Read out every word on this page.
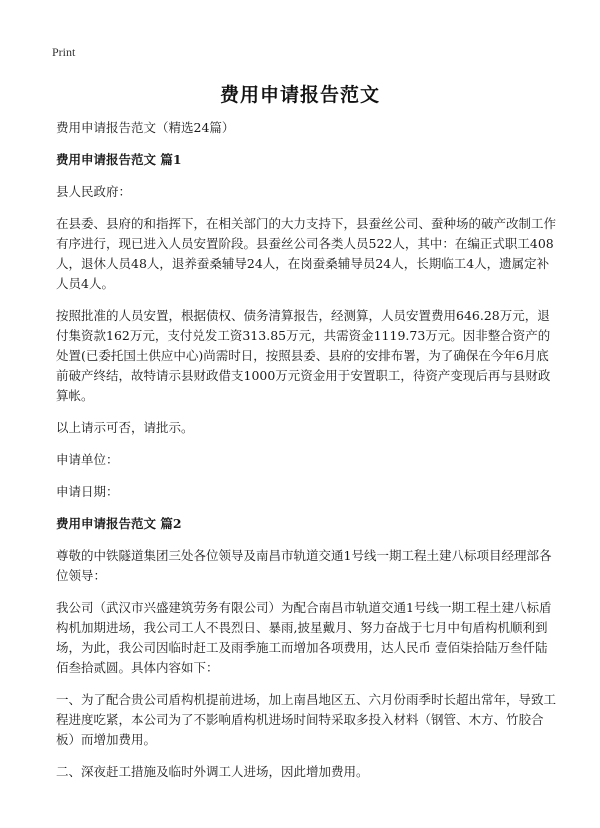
Print
费用申请报告范文

费用申请报告范文（精选24篇）

费用申请报告范文 篇1

县人民政府：

在县委、县府的和指挥下，在相关部门的大力支持下，县蚕丝公司、蚕种场的破产改制工作有序进行，现已进入人员安置阶段。县蚕丝公司各类人员522人，其中：在编正式职工408人，退休人员48人，退养蚕桑辅导24人，在岗蚕桑辅导员24人，长期临工4人，遗属定补人员4人。

按照批准的人员安置，根据债权、债务清算报告，经测算，人员安置费用646.28万元，退付集资款162万元，支付兑发工资313.85万元，共需资金1119.73万元。因非整合资产的处置(已委托国土供应中心)尚需时日，按照县委、县府的安排布署，为了确保在今年6月底前破产终结，故特请示县财政借支1000万元资金用于安置职工，待资产变现后再与县财政算帐。

以上请示可否，请批示。

申请单位：

申请日期：

费用申请报告范文 篇2

尊敬的中铁隧道集团三处各位领导及南昌市轨道交通1号线一期工程土建八标项目经理部各位领导：

我公司（武汉市兴盛建筑劳务有限公司）为配合南昌市轨道交通1号线一期工程土建八标盾构机加期进场，我公司工人不畏烈日、暴雨,披星戴月、努力奋战于七月中旬盾构机顺利到场，为此，我公司因临时赶工及雨季施工而增加各项费用，达人民币 壹佰柒拾陆万叁仟陆佰叁拾贰圆。具体内容如下：

一、为了配合贵公司盾构机提前进场，加上南昌地区五、六月份雨季时长超出常年，导致工程进度吃紧，本公司为了不影响盾构机进场时间特采取多投入材料（钢管、木方、竹胶合板）而增加费用。

二、深夜赶工措施及临时外调工人进场，因此增加费用。
